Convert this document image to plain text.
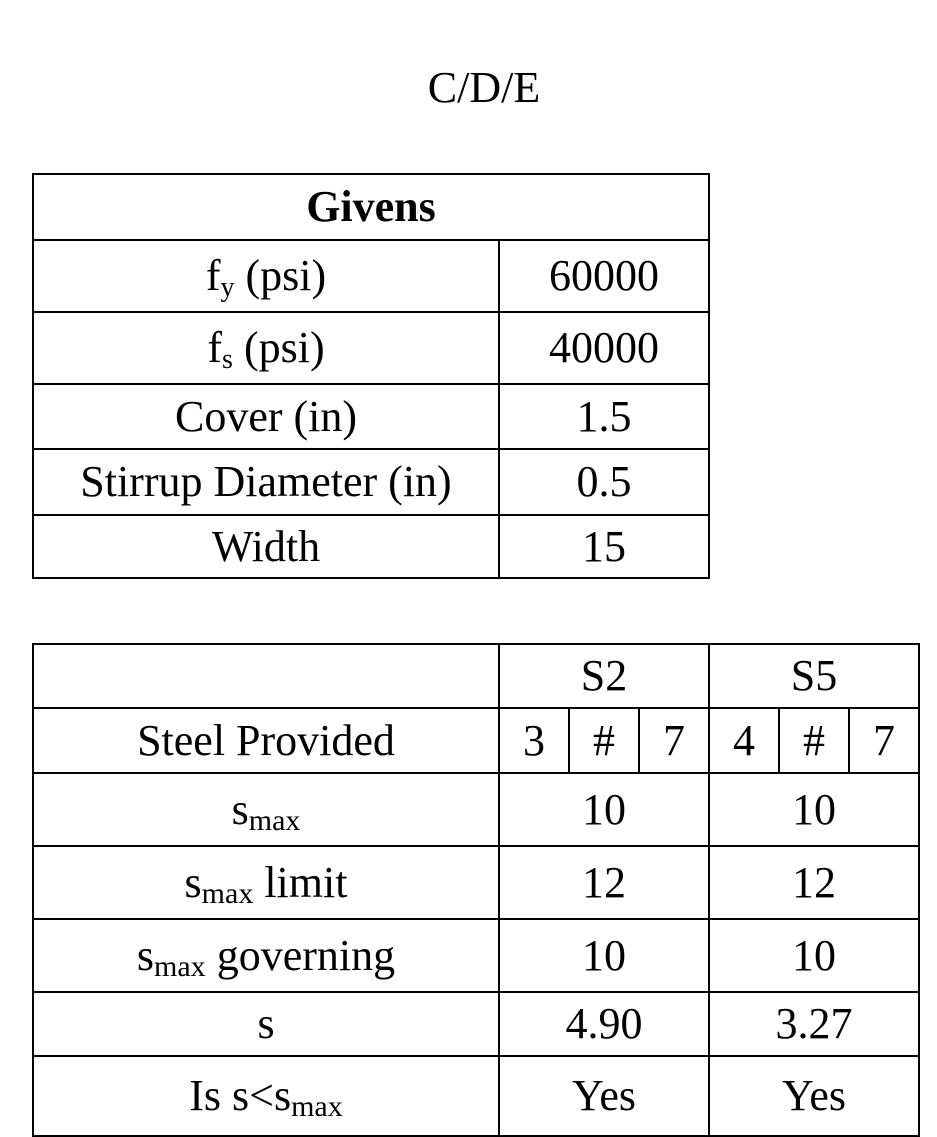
C/D/E
Givens	
$f_y$ (psi)	60000
$f_s$ (psi)	40000
Cover (in)	1.5
Stirrup Diameter (in)	0.5
Width	15
	S2			S5		
Steel Provided	3	#	7	4	#	7
$s_{max}$	10			10		
$s_{max}$ limit	12			12		
$s_{max}$ governing	10			10		
s	4.90			3.27		
Is $s<s_{max}$	Yes			Yes		
